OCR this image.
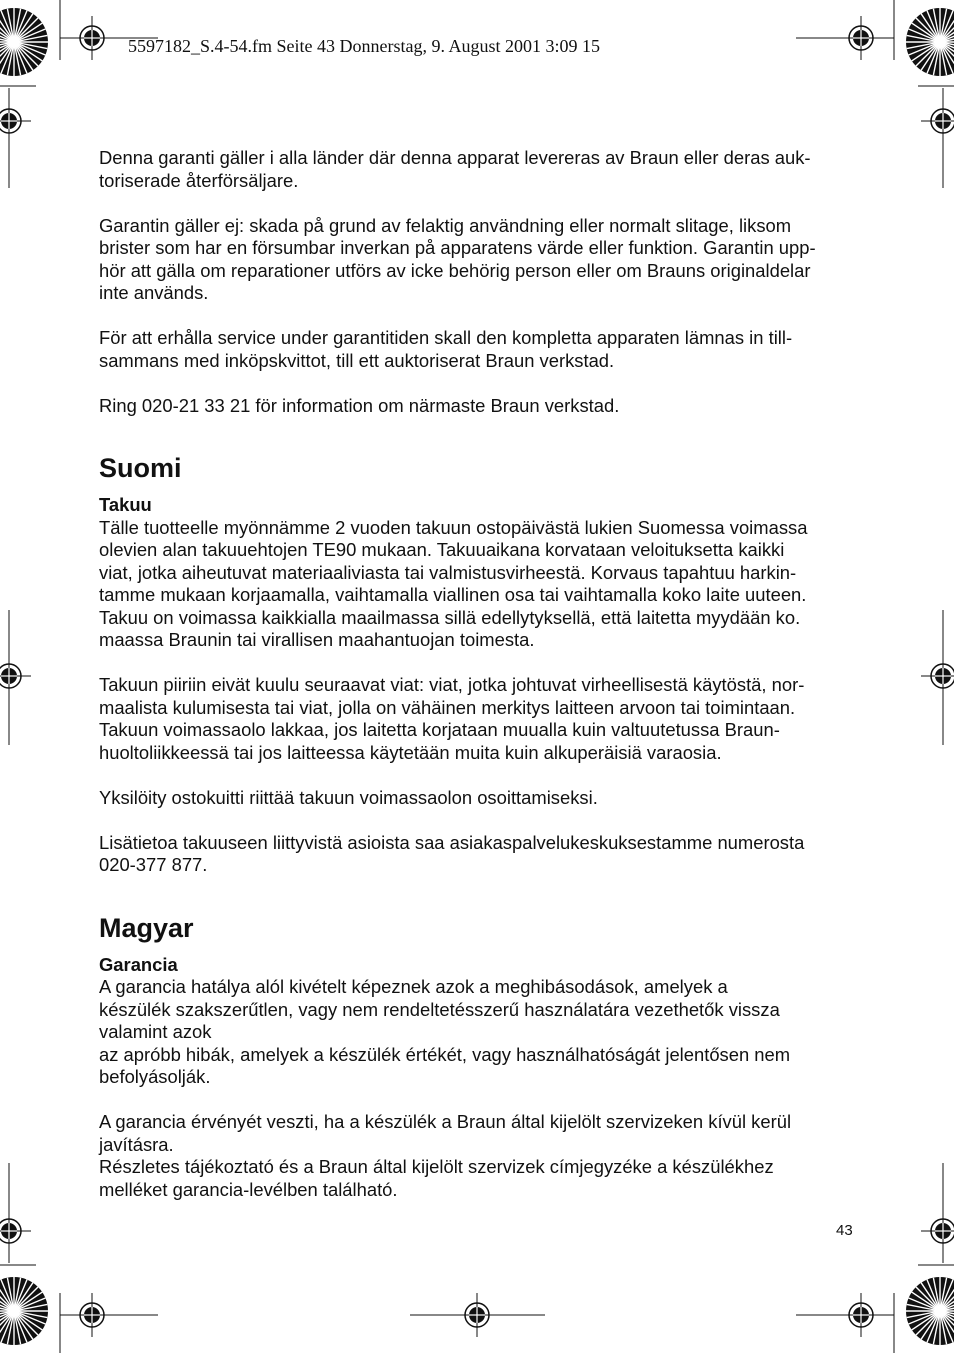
5597182_S.4-54.fm Seite 43 Donnerstag, 9. August 2001 3:09 15

Denna garanti gäller i alla länder där denna apparat levereras av Braun eller deras auk-
toriserade återförsäljare.

Garantin gäller ej: skada på grund av felaktig användning eller normalt slitage, liksom
brister som har en försumbar inverkan på apparatens värde eller funktion. Garantin upp-
hör att gälla om reparationer utförs av icke behörig person eller om Brauns originaldelar
inte används.

För att erhålla service under garantitiden skall den kompletta apparaten lämnas in till-
sammans med inköpskvittot, till ett auktoriserat Braun verkstad.

Ring 020-21 33 21 för information om närmaste Braun verkstad.

Suomi

Takuu

Tälle tuotteelle myönnämme 2 vuoden takuun ostopäivästä lukien Suomessa voimassa
olevien alan takuuehtojen TE90 mukaan. Takuuaikana korvataan veloituksetta kaikki
viat, jotka aiheutuvat materiaaliviasta tai valmistusvirheestä. Korvaus tapahtuu harkin-
tamme mukaan korjaamalla, vaihtamalla viallinen osa tai vaihtamalla koko laite uuteen.
Takuu on voimassa kaikkialla maailmassa sillä edellytyksellä, että laitetta myydään ko.
maassa Braunin tai virallisen maahantuojan toimesta.

Takuun piiriin eivät kuulu seuraavat viat: viat, jotka johtuvat virheellisestä käytöstä, nor-
maalista kulumisesta tai viat, jolla on vähäinen merkitys laitteen arvoon tai toimintaan.
Takuun voimassaolo lakkaa, jos laitetta korjataan muualla kuin valtuutetussa Braun-
huoltoliikkeessä tai jos laitteessa käytetään muita kuin alkuperäisiä varaosia.

Yksilöity ostokuitti riittää takuun voimassaolon osoittamiseksi.

Lisätietoa takuuseen liittyvistä asioista saa asiakaspalvelukeskuksestamme numerosta
020-377 877.

Magyar

Garancia

A garancia hatálya alól kivételt képeznek azok a meghibásodások, amelyek a
készülék szakszerűtlen, vagy nem rendeltetésszerű használatára vezethetők vissza
valamint azok
az apróbb hibák, amelyek a készülék értékét, vagy használhatóságát jelentősen nem
befolyásolják.

A garancia érvényét veszti, ha a készülék a Braun által kijelölt szervizeken kívül kerül
javításra.
Részletes tájékoztató és a Braun által kijelölt szervizek címjegyzéke a készülékhez
melléket garancia-levélben található.

43
